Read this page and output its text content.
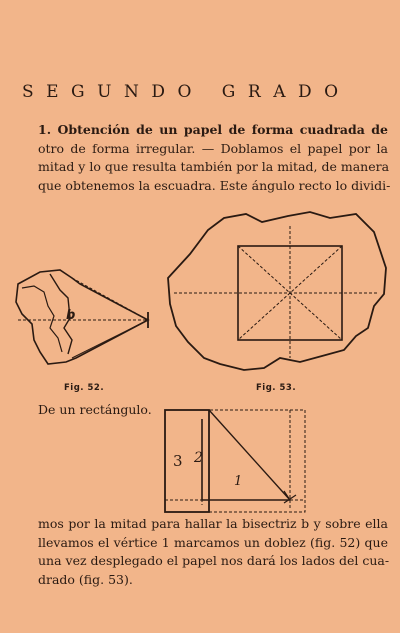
SEGUNDO GRADO
1. Obtención de un papel de forma cuadrada de
otro de forma irregular. — Doblamos el papel por la
mitad y lo que resulta también por la mitad, de manera
que obtenemos la escuadra. Este ángulo recto lo dividi-
b
Fig. 52.	Fig. 53.
De un rectángulo.
3 2
1
mos por la mitad para hallar la bisectriz b y sobre ella
llevamos el vértice 1 marcamos un doblez (fig. 52) que
una vez desplegado el papel nos dará los lados del cua-
drado (fig. 53).
